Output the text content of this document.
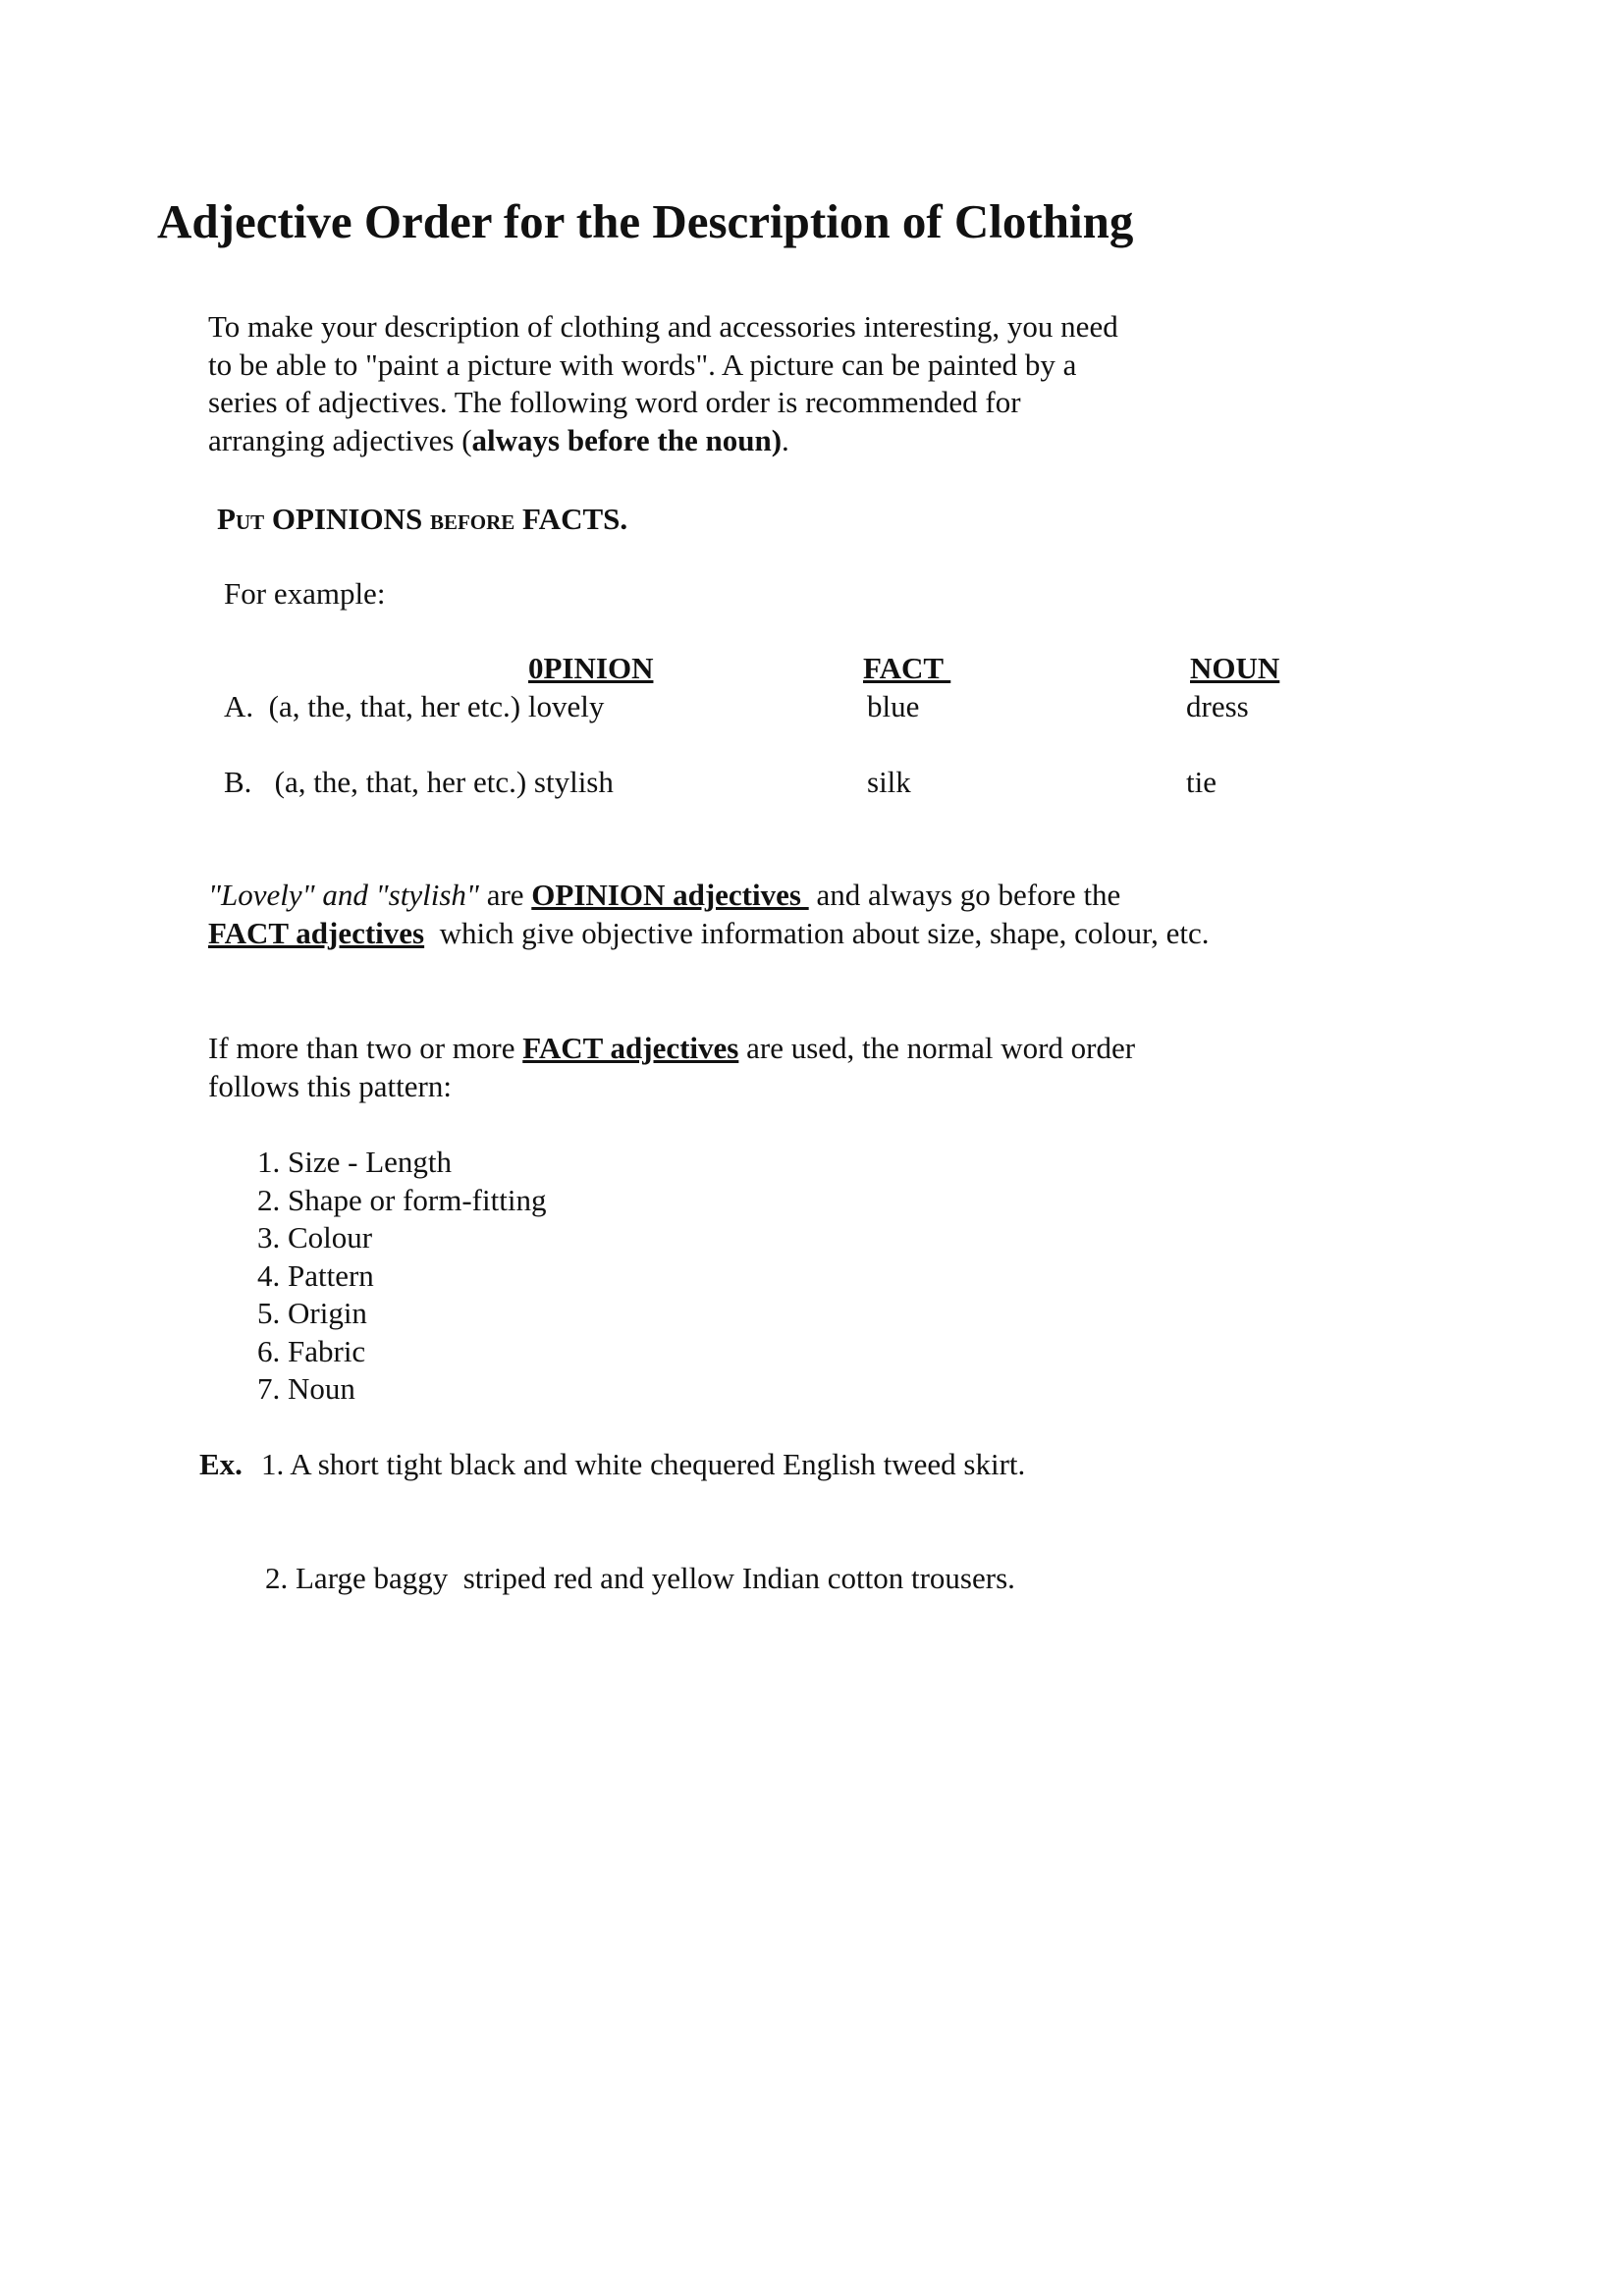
Adjective Order for the Description of Clothing
To make your description of clothing and accessories interesting, you need
to be able to "paint a picture with words". A picture can be painted by a
series of adjectives. The following word order is recommended for
arranging adjectives (always before the noun).
PUT OPINIONS BEFORE FACTS.
For example:
0PINION	FACT	NOUN
A.  (a, the, that, her etc.) lovely	blue	dress
B.   (a, the, that, her etc.) stylish	silk	tie
"Lovely" and "stylish" are OPINION adjectives  and always go before the
FACT adjectives  which give objective information about size, shape, colour, etc.
If more than two or more FACT adjectives are used, the normal word order
follows this pattern:
1. Size - Length
2. Shape or form-fitting
3. Colour
4. Pattern
5. Origin
6. Fabric
7. Noun
Ex. 1. A short tight black and white chequered English tweed skirt.
2. Large baggy  striped red and yellow Indian cotton trousers.
